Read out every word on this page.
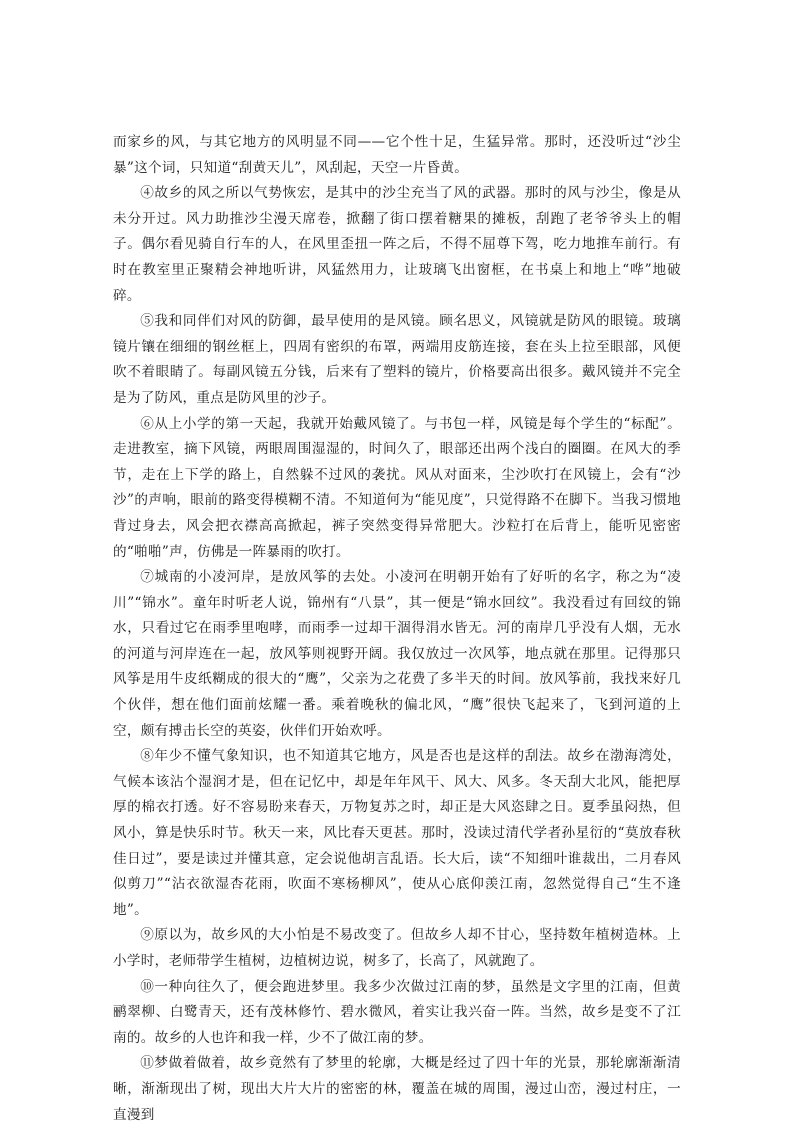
而家乡的风，与其它地方的风明显不同——它个性十足，生猛异常。那时，还没听过“沙尘暴”这个词，只知道“刮黄天儿”，风刮起，天空一片昏黄。

④故乡的风之所以气势恢宏，是其中的沙尘充当了风的武器。那时的风与沙尘，像是从未分开过。风力助推沙尘漫天席卷，掀翻了街口摆着糖果的摊板，刮跑了老爷爷头上的帽子。偶尔看见骑自行车的人，在风里歪扭一阵之后，不得不屈尊下驾，吃力地推车前行。有时在教室里正聚精会神地听讲，风猛然用力，让玻璃飞出窗框，在书桌上和地上“哗”地破碎。

⑤我和同伴们对风的防御，最早使用的是风镜。顾名思义，风镜就是防风的眼镜。玻璃镜片镶在细细的钢丝框上，四周有密织的布罩，两端用皮筋连接，套在头上拉至眼部，风便吹不着眼睛了。每副风镜五分钱，后来有了塑料的镜片，价格要高出很多。戴风镜并不完全是为了防风，重点是防风里的沙子。

⑥从上小学的第一天起，我就开始戴风镜了。与书包一样，风镜是每个学生的“标配”。走进教室，摘下风镜，两眼周围湿湿的，时间久了，眼部还出两个浅白的圈圈。在风大的季节，走在上下学的路上，自然躲不过风的袭扰。风从对面来，尘沙吹打在风镜上，会有“沙沙”的声响，眼前的路变得模糊不清。不知道何为“能见度”，只觉得路不在脚下。当我习惯地背过身去，风会把衣襟高高掀起，裤子突然变得异常肥大。沙粒打在后背上，能听见密密的“啪啪”声，仿佛是一阵暴雨的吹打。

⑦城南的小凌河岸，是放风筝的去处。小凌河在明朝开始有了好听的名字，称之为“凌川”“锦水”。童年时听老人说，锦州有“八景”，其一便是“锦水回纹”。我没看过有回纹的锦水，只看过它在雨季里咆哮，而雨季一过却干涸得涓水皆无。河的南岸几乎没有人烟，无水的河道与河岸连在一起，放风筝则视野开阔。我仅放过一次风筝，地点就在那里。记得那只风筝是用牛皮纸糊成的很大的“鹰”，父亲为之花费了多半天的时间。放风筝前，我找来好几个伙伴，想在他们面前炫耀一番。乘着晚秋的偏北风，“鹰”很快飞起来了，飞到河道的上空，颇有搏击长空的英姿，伙伴们开始欢呼。

⑧年少不懂气象知识，也不知道其它地方，风是否也是这样的刮法。故乡在渤海湾处，气候本该沾个湿润才是，但在记忆中，却是年年风干、风大、风多。冬天刮大北风，能把厚厚的棉衣打透。好不容易盼来春天，万物复苏之时，却正是大风恣肆之日。夏季虽闷热，但风小，算是快乐时节。秋天一来，风比春天更甚。那时，没读过清代学者孙星衍的“莫放春秋佳日过”，要是读过并懂其意，定会说他胡言乱语。长大后，读“不知细叶谁裁出，二月春风似剪刀”“沾衣欲湿杏花雨，吹面不寒杨柳风”，使从心底仰羡江南，忽然觉得自己“生不逢地”。

⑨原以为，故乡风的大小怕是不易改变了。但故乡人却不甘心，坚持数年植树造林。上小学时，老师带学生植树，边植树边说，树多了，长高了，风就跑了。

⑩一种向往久了，便会跑进梦里。我多少次做过江南的梦，虽然是文字里的江南，但黄鹂翠柳、白鹭青天，还有茂林修竹、碧水微风，着实让我兴奋一阵。当然，故乡是变不了江南的。故乡的人也许和我一样，少不了做江南的梦。

⑪梦做着做着，故乡竟然有了梦里的轮廓，大概是经过了四十年的光景，那轮廓渐渐清晰，渐渐现出了树，现出大片大片的密密的林，覆盖在城的周围，漫过山峦，漫过村庄，一直漫到
